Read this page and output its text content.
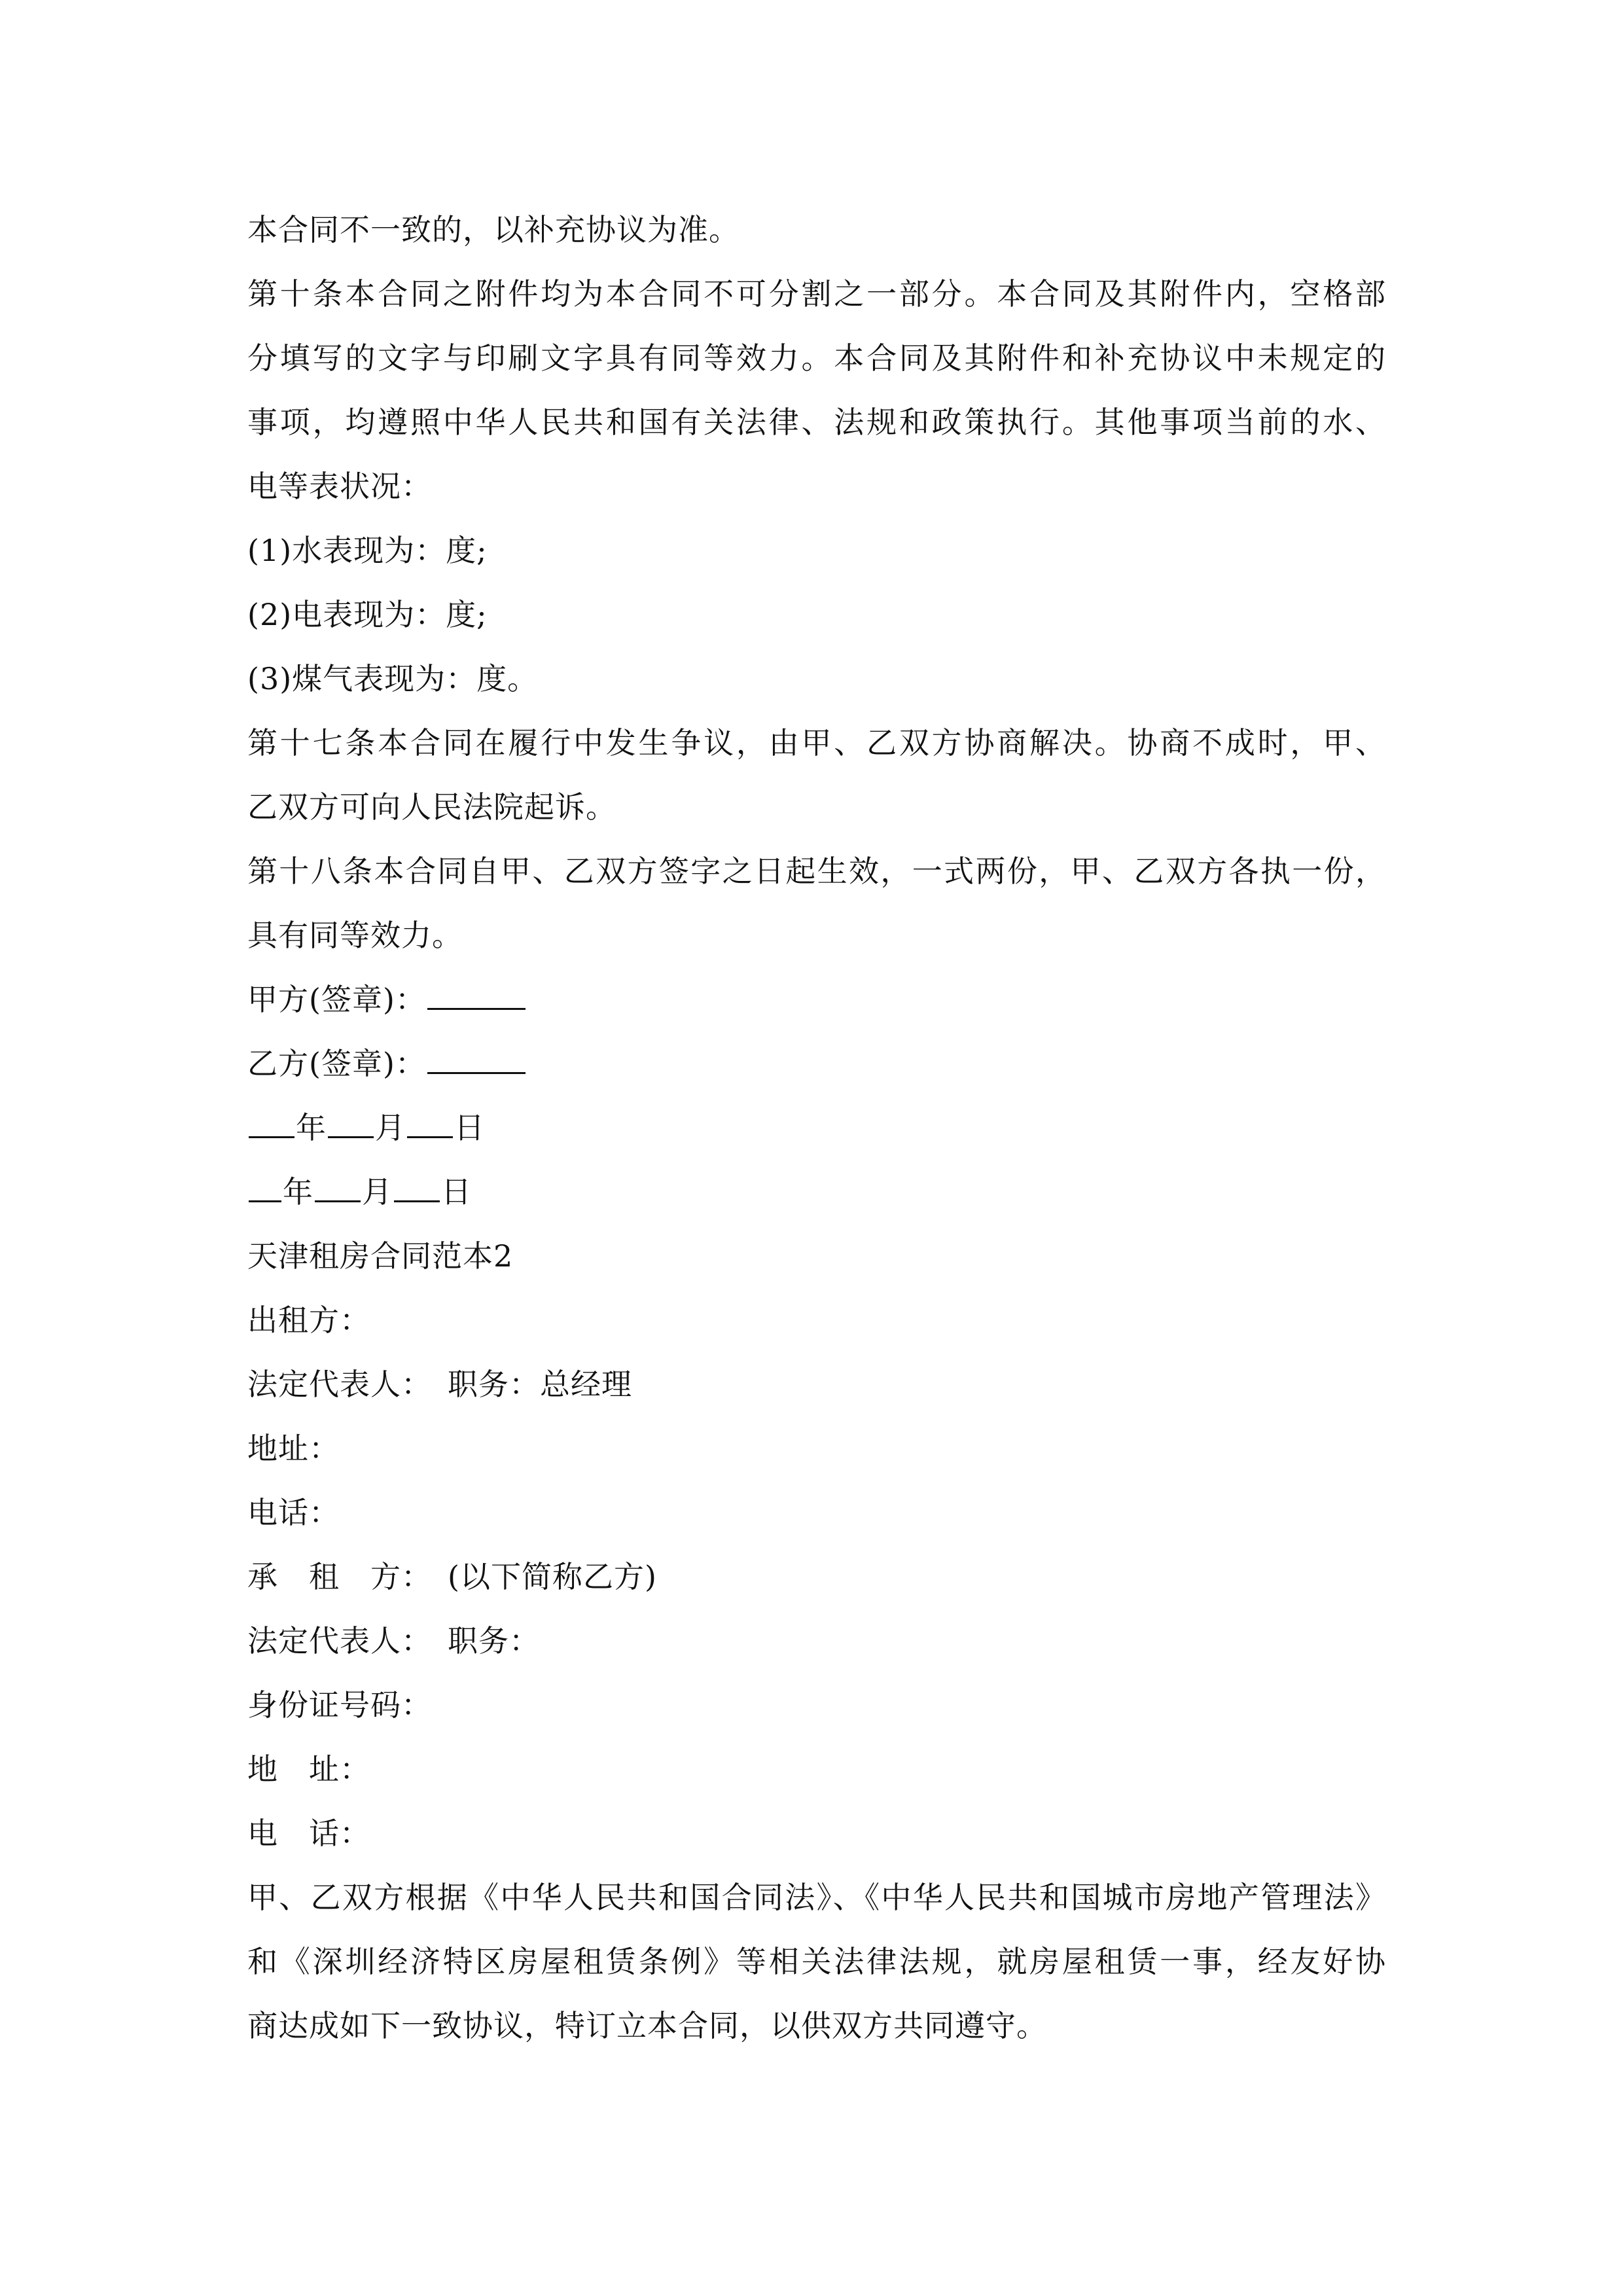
本合同不一致的，以补充协议为准。
第十条本合同之附件均为本合同不可分割之一部分。本合同及其附件内，空格部
分填写的文字与印刷文字具有同等效力。本合同及其附件和补充协议中未规定的
事项，均遵照中华人民共和国有关法律、法规和政策执行。其他事项当前的水、
电等表状况：
(1)水表现为：度;
(2)电表现为：度;
(3)煤气表现为：度。
第十七条本合同在履行中发生争议，由甲、乙双方协商解决。协商不成时，甲、
乙双方可向人民法院起诉。
第十八条本合同自甲、乙双方签字之日起生效，一式两份，甲、乙双方各执一份，
具有同等效力。
甲方(签章)：
乙方(签章)：
年 月 日
年 月 日
天津租房合同范本2
出租方：
法定代表人：　职务：总经理
地址：
电话：
承　租　方：　(以下简称乙方)
法定代表人：　职务：
身份证号码：
地　址：
电　话：
甲、乙双方根据《中华人民共和国合同法》、《中华人民共和国城市房地产管理法》
和《深圳经济特区房屋租赁条例》等相关法律法规，就房屋租赁一事，经友好协
商达成如下一致协议，特订立本合同，以供双方共同遵守。
